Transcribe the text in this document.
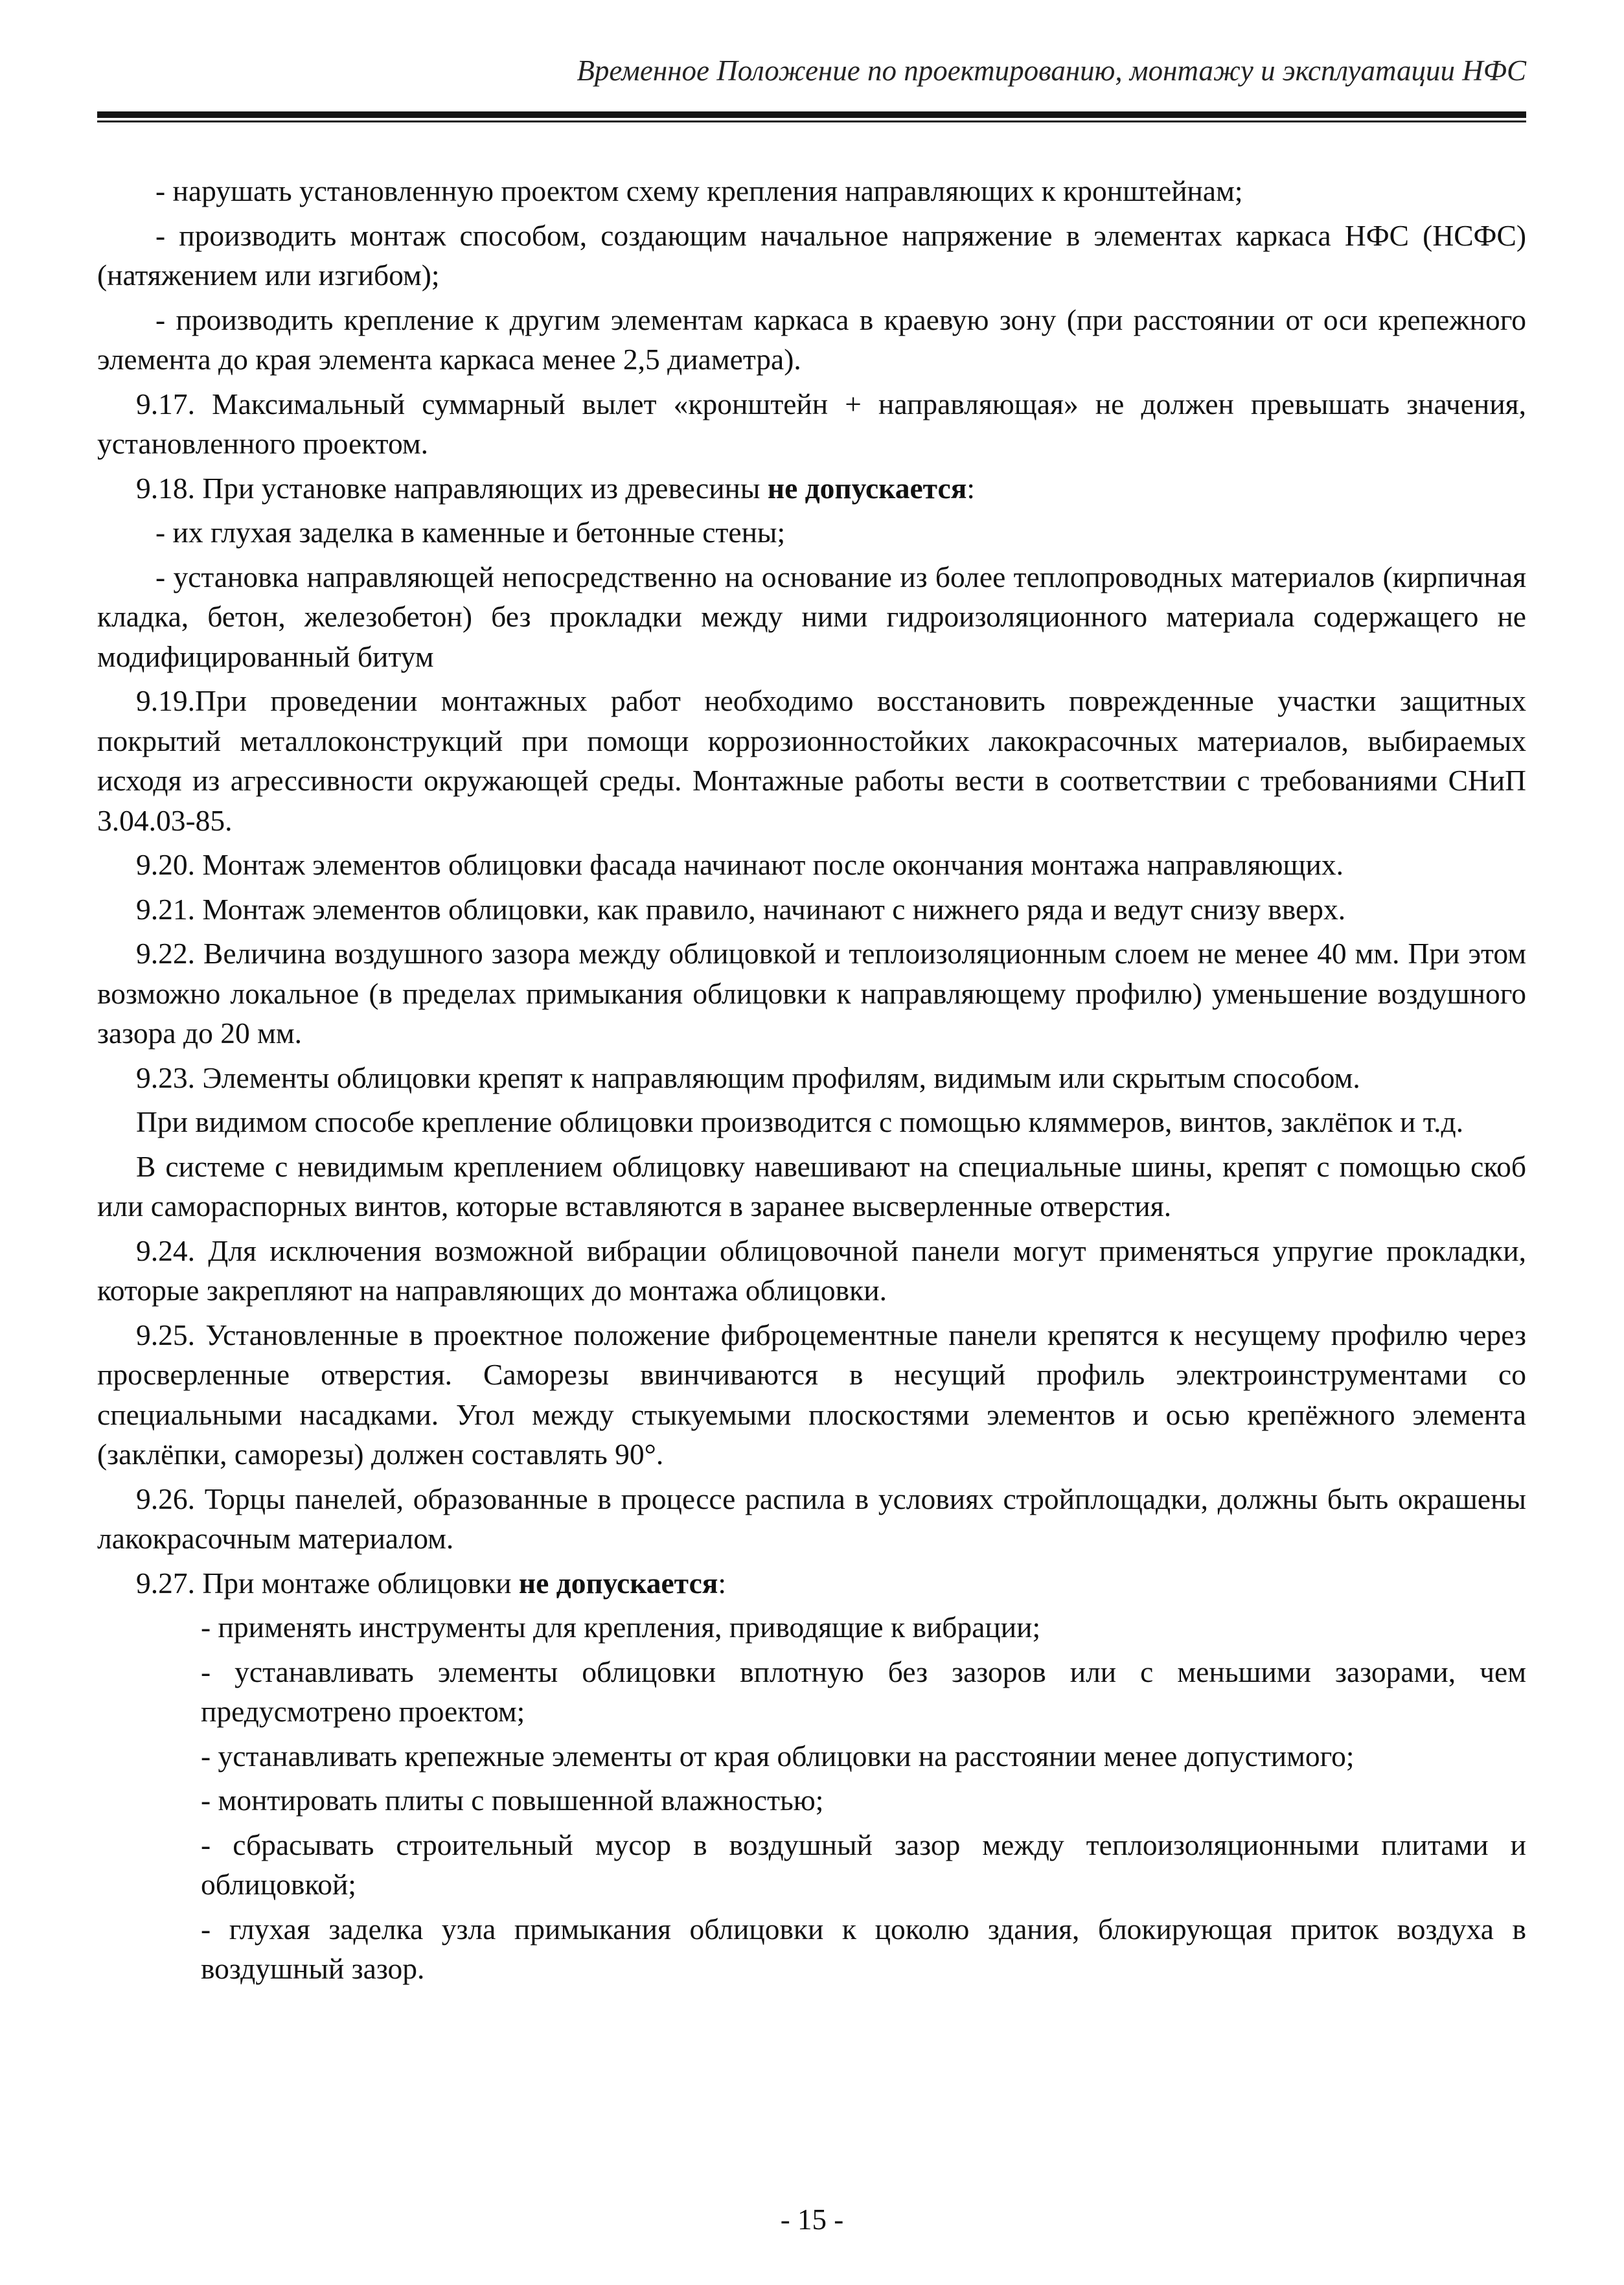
Временное Положение по проектированию, монтажу и эксплуатации НФС

- нарушать установленную проектом схему крепления направляющих к кронштейнам;

- производить монтаж способом, создающим начальное напряжение в элементах каркаса НФС (НСФС) (натяжением или изгибом);

- производить крепление к другим элементам каркаса в краевую зону (при расстоянии от оси крепежного элемента до края элемента каркаса менее 2,5 диаметра).

9.17. Максимальный суммарный вылет «кронштейн + направляющая» не должен превышать значения, установленного проектом.

9.18. При установке направляющих из древесины не допускается:

- их глухая заделка в каменные и бетонные стены;

- установка направляющей непосредственно на основание из более теплопроводных материалов (кирпичная кладка, бетон, железобетон) без прокладки между ними гидроизоляционного материала содержащего не модифицированный битум

9.19.При проведении монтажных работ необходимо восстановить поврежденные участки защитных покрытий металлоконструкций при помощи коррозионностойких лакокрасочных материалов, выбираемых исходя из агрессивности окружающей среды. Монтажные работы вести в соответствии с требованиями СНиП 3.04.03-85.

9.20. Монтаж элементов облицовки фасада начинают после окончания монтажа направляющих.

9.21. Монтаж элементов облицовки, как правило, начинают с нижнего ряда и ведут снизу вверх.

9.22. Величина воздушного зазора между облицовкой и теплоизоляционным слоем не менее 40 мм. При этом возможно локальное (в пределах примыкания облицовки к направляющему профилю) уменьшение воздушного зазора до 20 мм.

9.23. Элементы облицовки крепят к направляющим профилям, видимым или скрытым способом.

При видимом способе крепление облицовки производится с помощью кляммеров, винтов, заклёпок и т.д.

В системе с невидимым креплением облицовку навешивают на специальные шины, крепят с помощью скоб или самораспорных винтов, которые вставляются в заранее высверленные отверстия.

9.24. Для исключения возможной вибрации облицовочной панели могут применяться упругие прокладки, которые закрепляют на направляющих до монтажа облицовки.

9.25. Установленные в проектное положение фиброцементные панели крепятся к несущему профилю через просверленные отверстия. Саморезы ввинчиваются в несущий профиль электроинструментами со специальными насадками. Угол между стыкуемыми плоскостями элементов и осью крепёжного элемента (заклёпки, саморезы) должен составлять 90°.

9.26. Торцы панелей, образованные в процессе распила в условиях стройплощадки, должны быть окрашены лакокрасочным материалом.

9.27. При монтаже облицовки не допускается:

- применять инструменты для крепления, приводящие к вибрации;

- устанавливать элементы облицовки вплотную без зазоров или с меньшими зазорами, чем предусмотрено проектом;

- устанавливать крепежные элементы от края облицовки на расстоянии менее допустимого;

- монтировать плиты с повышенной влажностью;

- сбрасывать строительный мусор в воздушный зазор между теплоизоляционными плитами и облицовкой;

- глухая заделка узла примыкания облицовки к цоколю здания, блокирующая приток воздуха в воздушный зазор.

- 15 -
